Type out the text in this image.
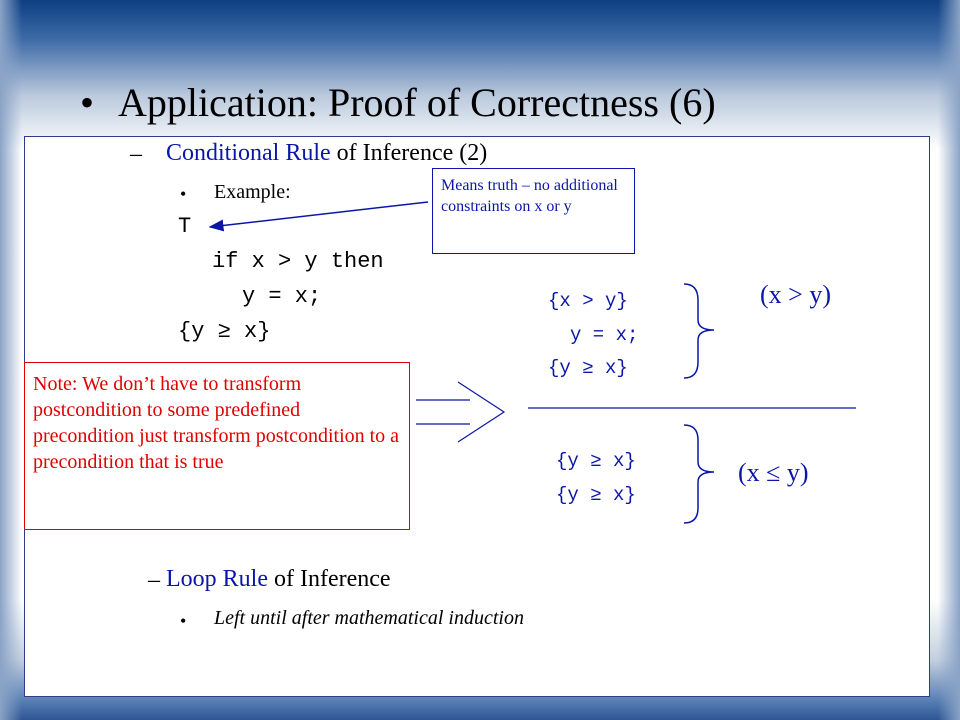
• Application: Proof of Correctness (6)
– Conditional Rule of Inference (2)
• Example:
T
if x > y then
y = x;
{y ≥ x}
Means truth – no additional constraints on x or y
{x > y}
y = x;
{y ≥ x}
(x > y)
{y ≥ x}
{y ≥ x}
(x ≤ y)
Note: We don’t have to transform postcondition to some predefined precondition just transform postcondition to a precondition that is true
– Loop Rule of Inference
• Left until after mathematical induction
